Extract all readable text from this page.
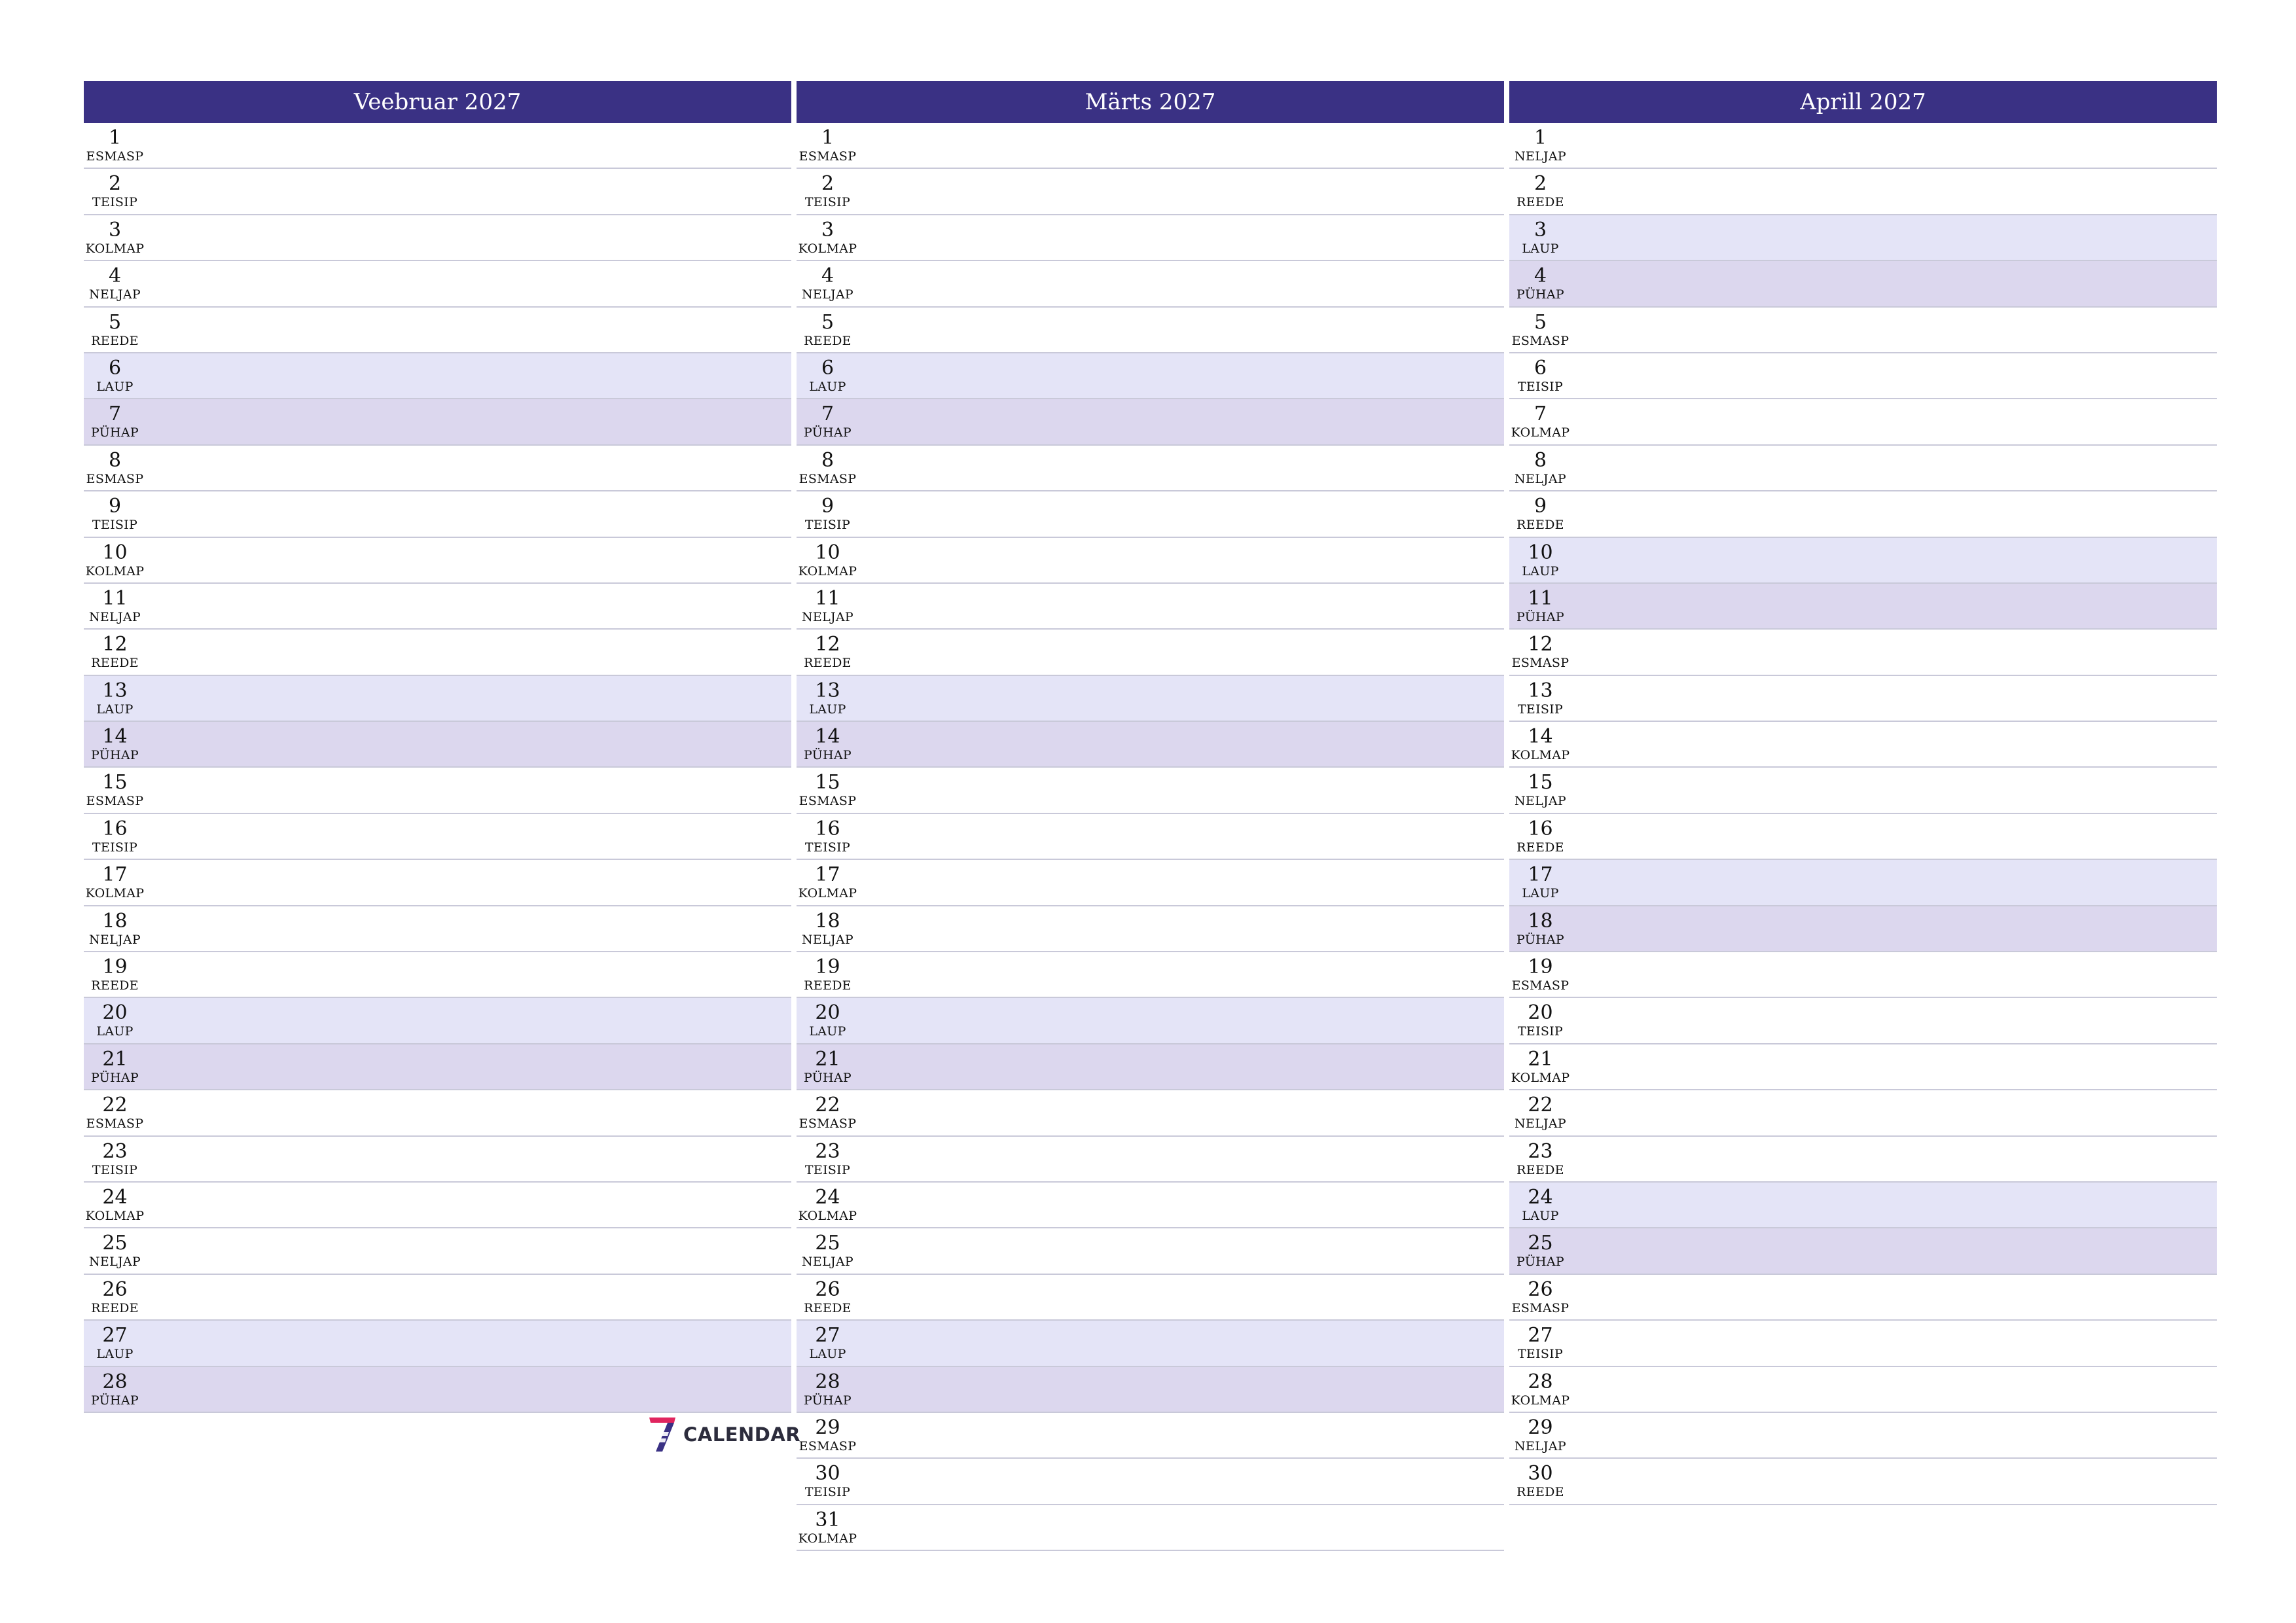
Veebruar 2027
1
ESMASP
2
TEISIP
3
KOLMAP
4
NELJAP
5
REEDE
6
LAUP
7
PÜHAP
8
ESMASP
9
TEISIP
10
KOLMAP
11
NELJAP
12
REEDE
13
LAUP
14
PÜHAP
15
ESMASP
16
TEISIP
17
KOLMAP
18
NELJAP
19
REEDE
20
LAUP
21
PÜHAP
22
ESMASP
23
TEISIP
24
KOLMAP
25
NELJAP
26
REEDE
27
LAUP
28
PÜHAP
Märts 2027
1
ESMASP
2
TEISIP
3
KOLMAP
4
NELJAP
5
REEDE
6
LAUP
7
PÜHAP
8
ESMASP
9
TEISIP
10
KOLMAP
11
NELJAP
12
REEDE
13
LAUP
14
PÜHAP
15
ESMASP
16
TEISIP
17
KOLMAP
18
NELJAP
19
REEDE
20
LAUP
21
PÜHAP
22
ESMASP
23
TEISIP
24
KOLMAP
25
NELJAP
26
REEDE
27
LAUP
28
PÜHAP
29
ESMASP
30
TEISIP
31
KOLMAP
Aprill 2027
1
NELJAP
2
REEDE
3
LAUP
4
PÜHAP
5
ESMASP
6
TEISIP
7
KOLMAP
8
NELJAP
9
REEDE
10
LAUP
11
PÜHAP
12
ESMASP
13
TEISIP
14
KOLMAP
15
NELJAP
16
REEDE
17
LAUP
18
PÜHAP
19
ESMASP
20
TEISIP
21
KOLMAP
22
NELJAP
23
REEDE
24
LAUP
25
PÜHAP
26
ESMASP
27
TEISIP
28
KOLMAP
29
NELJAP
30
REEDE
CALENDAR
